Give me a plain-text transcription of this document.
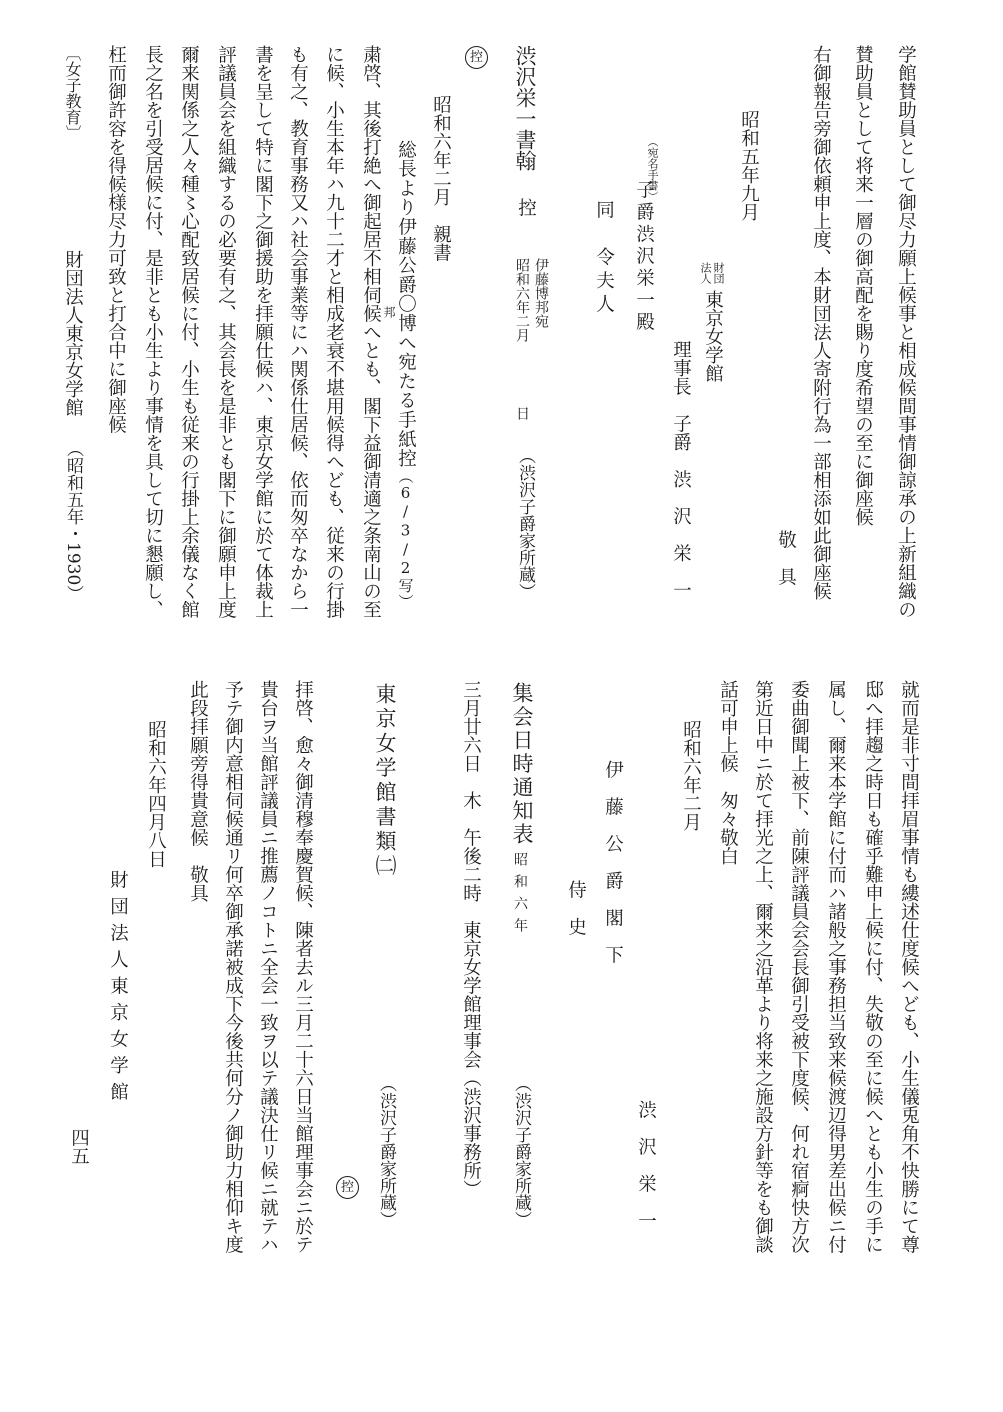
学館賛助員として御尽力願上候事と相成候間事情御諒承の上新組織の
賛助員として将来一層の御高配を賜り度希望の至に御座候
右御報告旁御依頼申上度、本財団法人寄附行為一部相添如此御座候
敬　具
昭和五年九月
財団
法人
東京女学館
理事長　子爵　渋　沢　栄　一
（宛名手書）
子爵渋沢栄一殿
同　令夫人
渋沢栄一書翰
控
伊藤博邦宛
昭和六年二月
日
（渋沢子爵家所蔵）
控
昭和六年二月　親書
総長より伊藤公爵〇博へ宛たる手紙控（6/3/2写）
邦
粛啓、其後打絶へ御起居不相伺候へとも、閣下益御清適之条南山の至
に候、小生本年ハ九十二才と相成老衰不堪用候得へども、従来の行掛
も有之、教育事務又ハ社会事業等にハ関係仕居候、依而匆卒なから一
書を呈して特に閣下之御援助を拝願仕候ハ、東京女学館に於て体裁上
評議員会を組織するの必要有之、其会長を是非とも閣下に御願申上度
爾来関係之人々種〻心配致居候に付、小生も従来の行掛上余儀なく館
長之名を引受居候に付、是非とも小生より事情を具して切に懇願し、
枉而御許容を得候様尽力可致と打合中に御座候
〔女子教育〕
財団法人東京女学館
（昭和五年・1930）
就而是非寸間拝眉事情も縷述仕度候へども、小生儀兎角不快勝にて尊
邸へ拝趨之時日も確乎難申上候に付、失敬の至に候へとも小生の手に
属し、爾来本学館に付而ハ諸般之事務担当致来候渡辺得男差出候ニ付
委曲御聞上被下、前陳評議員会会長御引受被下度候、何れ宿痾快方次
第近日中ニ於て拝光之上、爾来之沿革より将来之施設方針等をも御談
話可申上候　匆々敬白
昭和六年二月
渋　沢　栄　一
伊　藤　公　爵　閣　下
侍　史
集会日時通知表
昭和六年
（渋沢子爵家所蔵）
三月廿六日　木　午後二時　東京女学館理事会（渋沢事務所）
東京女学館書類㈡
（渋沢子爵家所蔵）
控
拝啓、愈々御清穆奉慶賀候、陳者去ル三月二十六日当館理事会ニ於テ
貴台ヲ当館評議員ニ推薦ノコトニ全会一致ヲ以テ議決仕リ候ニ就テハ
予テ御内意相伺候通リ何卒御承諾被成下今後共何分ノ御助力相仰キ度
此段拝願旁得貴意候　敬具
昭和六年四月八日
財団法人東京女学館
四五
